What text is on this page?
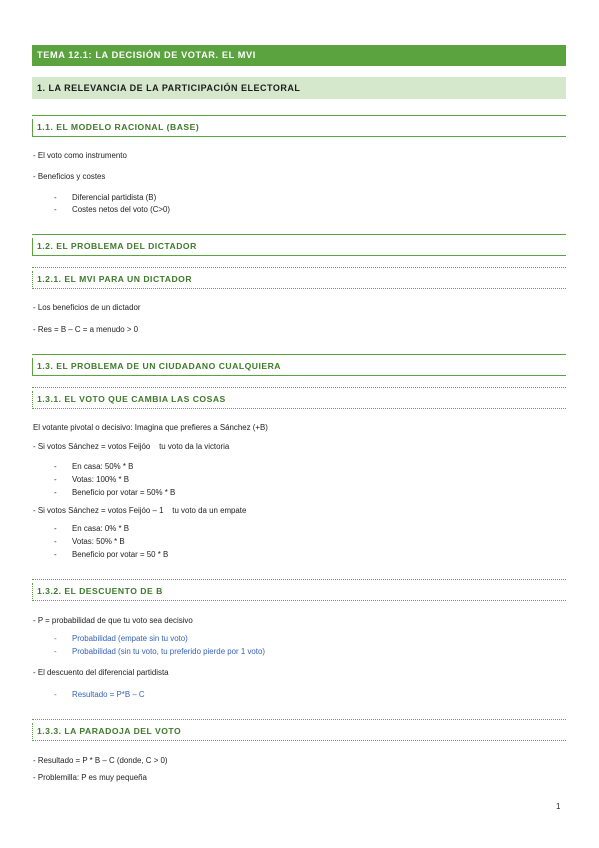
TEMA 12.1: LA DECISIÓN DE VOTAR. EL MVI
1. LA RELEVANCIA DE LA PARTICIPACIÓN ELECTORAL
1.1. EL MODELO RACIONAL (BASE)
- El voto como instrumento
- Beneficios y costes
- Diferencial partidista (B)
- Costes netos del voto (C>0)
1.2. EL PROBLEMA DEL DICTADOR
1.2.1. EL MVI PARA UN DICTADOR
- Los beneficios de un dictador
- Res = B – C = a menudo > 0
1.3. EL PROBLEMA DE UN CIUDADANO CUALQUIERA
1.3.1. EL VOTO QUE CAMBIA LAS COSAS
El votante pivotal o decisivo: Imagina que prefieres a Sánchez (+B)
- Si votos Sánchez = votos Feijóo    tu voto da la victoria
- En casa: 50% * B
- Votas: 100% * B
- Beneficio por votar = 50% * B
- Si votos Sánchez = votos Feijóo – 1    tu voto da un empate
- En casa: 0% * B
- Votas: 50% * B
- Beneficio por votar = 50 * B
1.3.2. EL DESCUENTO DE B
- P = probabilidad de que tu voto sea decisivo
- Probabilidad (empate sin tu voto)
- Probabilidad (sin tu voto, tu preferido pierde por 1 voto)
- El descuento del diferencial partidista
- Resultado = P*B – C
1.3.3. LA PARADOJA DEL VOTO
- Resultado = P * B – C (donde, C > 0)
- Problemilla: P es muy pequeña
1
